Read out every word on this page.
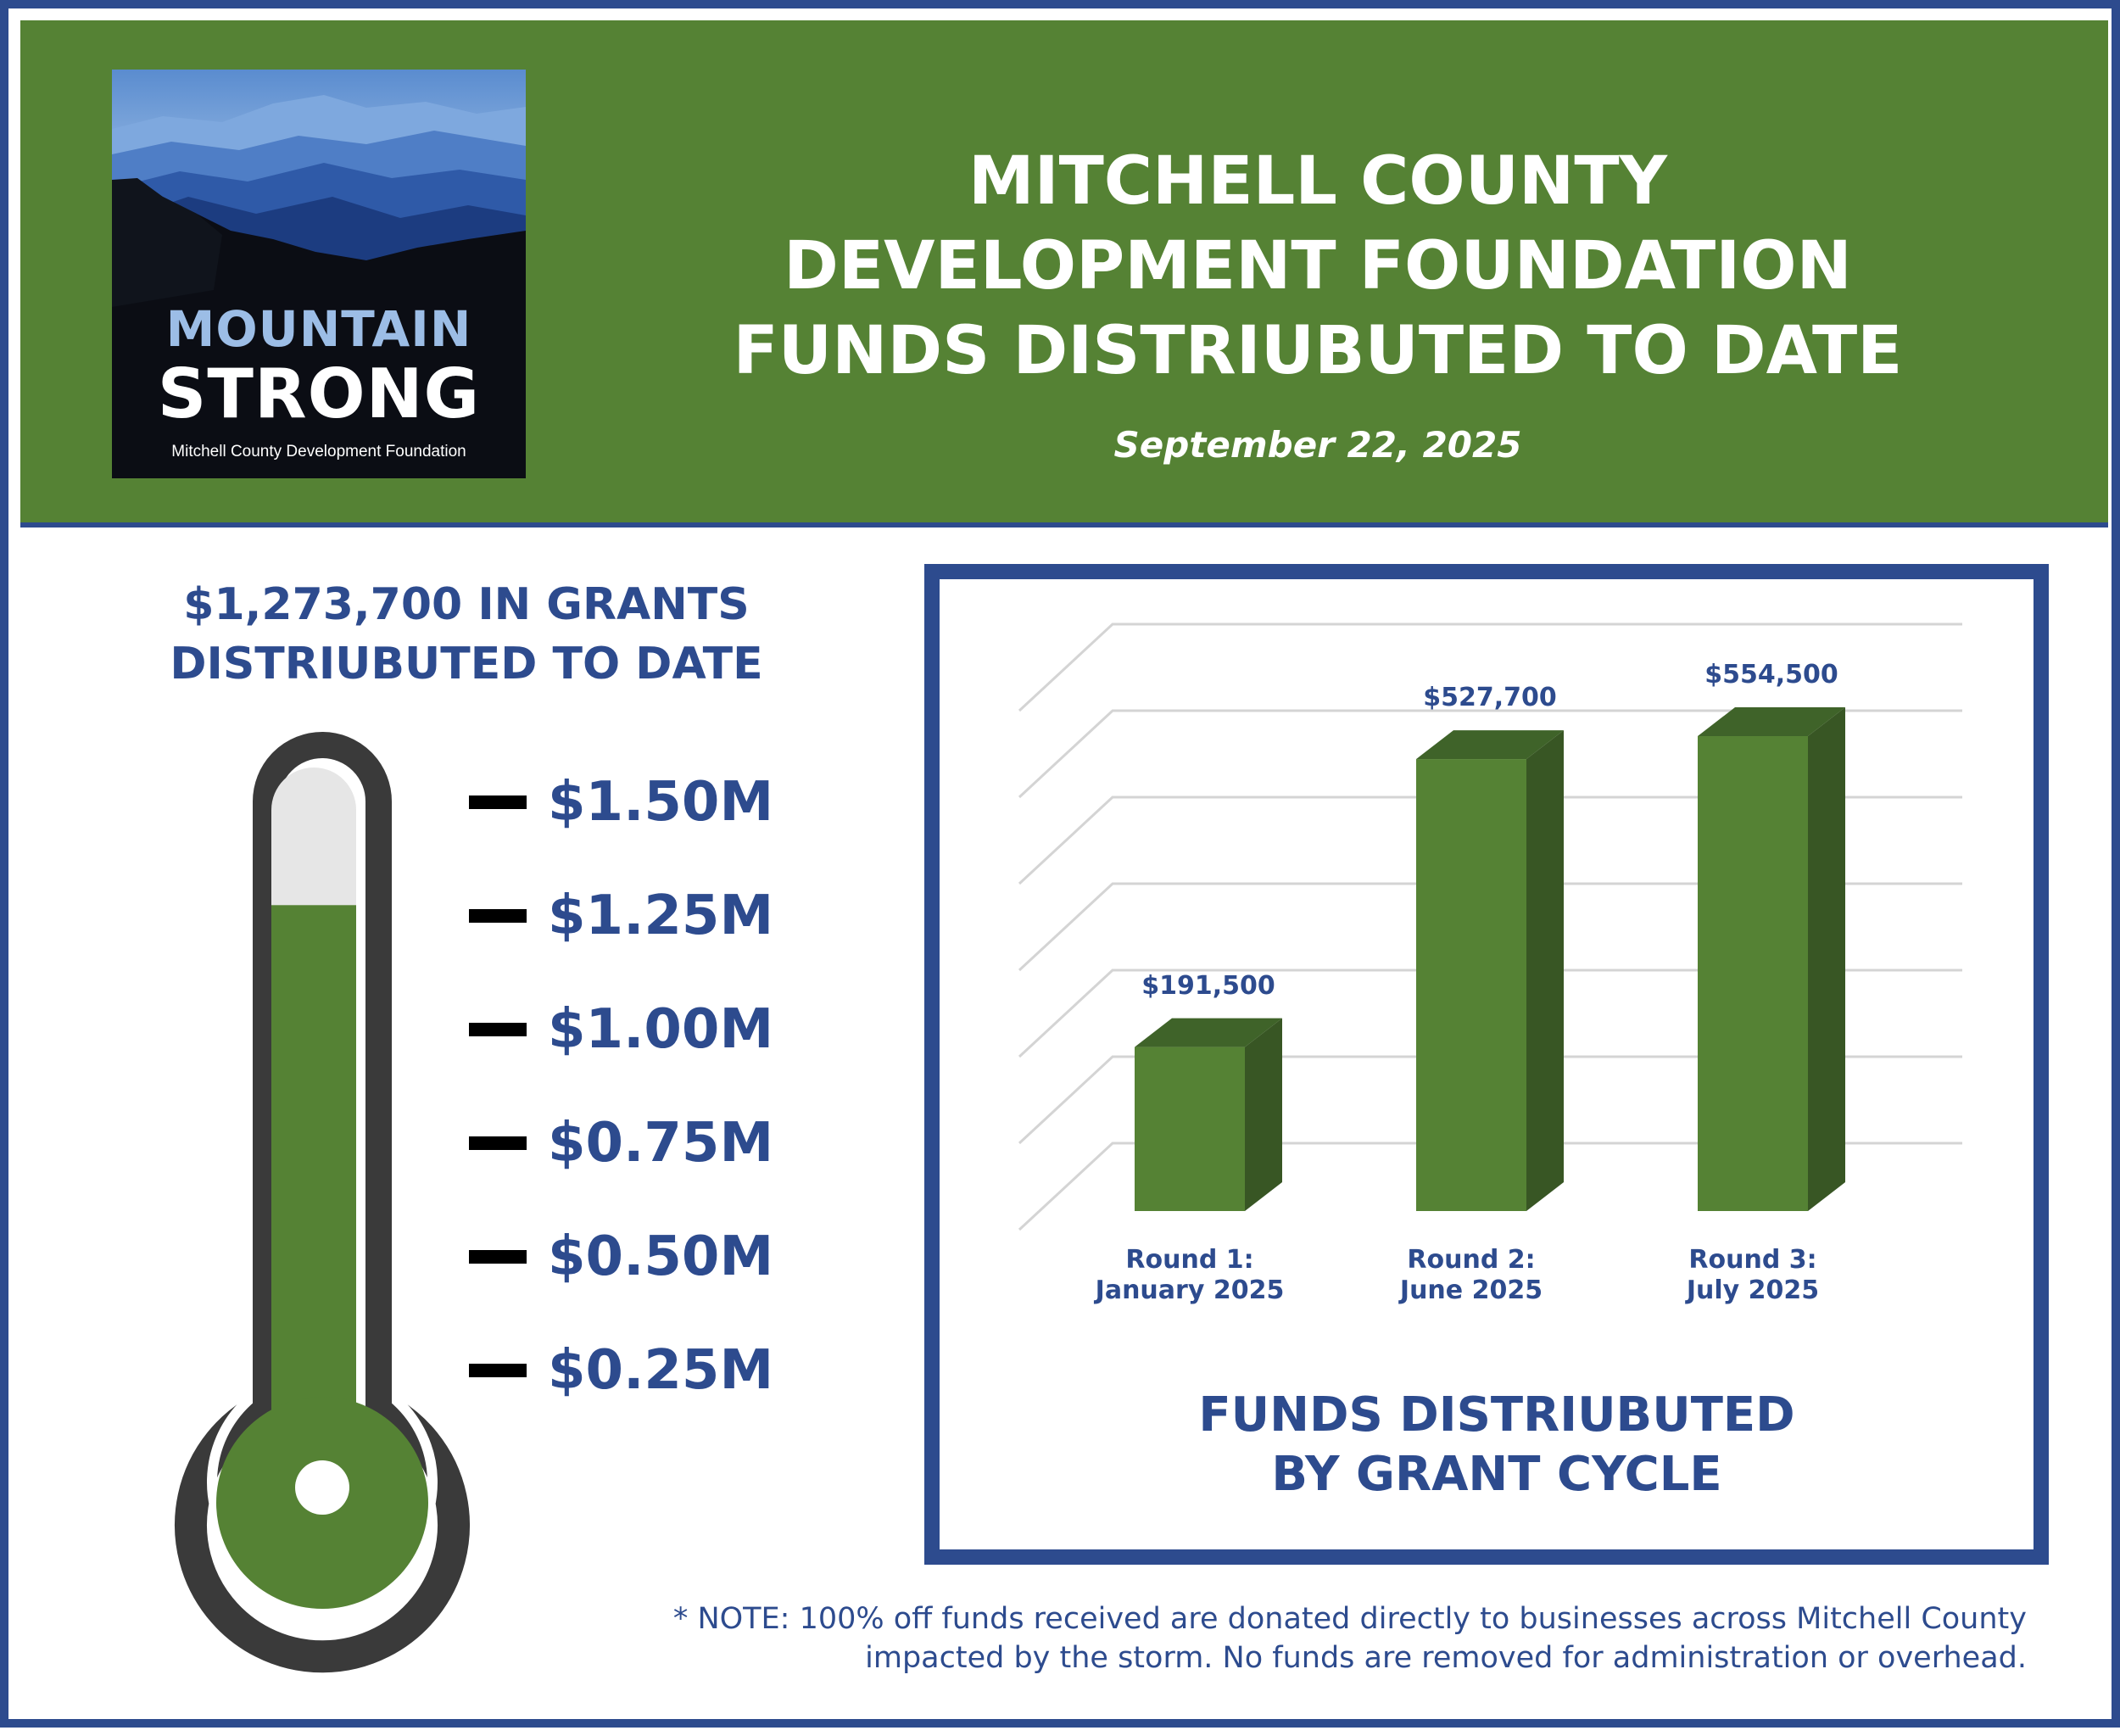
MOUNTAIN
STRONG
Mitchell County Development Foundation
MITCHELL COUNTY
DEVELOPMENT FOUNDATION
FUNDS DISTRIUBUTED TO DATE
September 22, 2025
$1,273,700 IN GRANTS
DISTRIUBUTED TO DATE
$1.50M
$1.25M
$1.00M
$0.75M
$0.50M
$0.25M
$191,500
$527,700
$554,500
Round 1:
January 2025
Round 2:
June 2025
Round 3:
July 2025
FUNDS DISTRIUBUTED
BY GRANT CYCLE
* NOTE: 100% off funds received are donated directly to businesses across Mitchell County
impacted by the storm. No funds are removed for administration or overhead.
